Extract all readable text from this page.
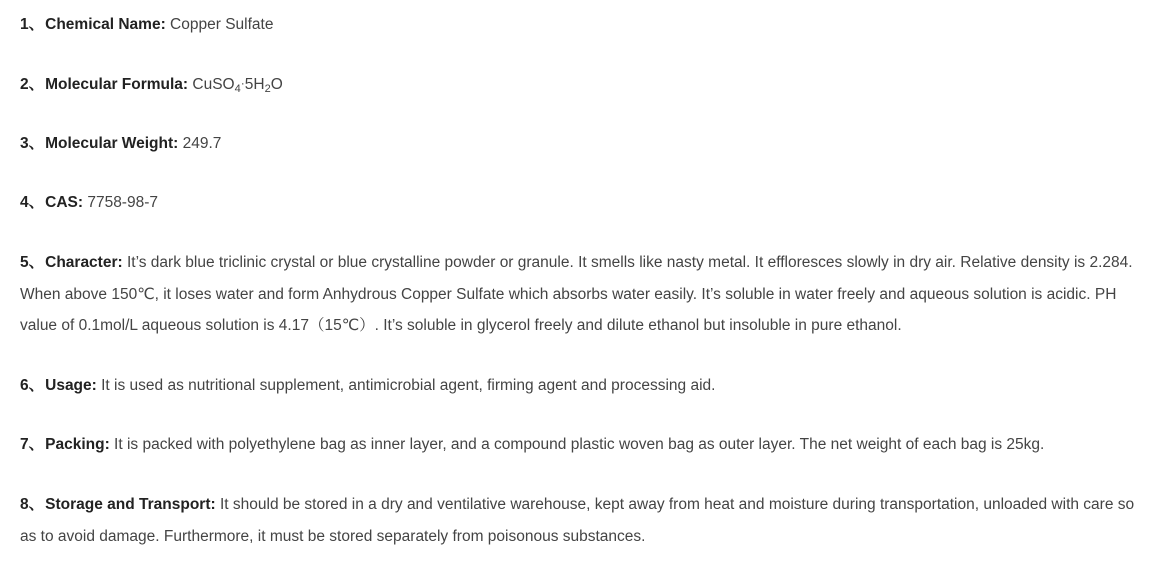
1、Chemical Name: Copper Sulfate

2、Molecular Formula: $CuSO_4\cdot 5H_2O$

3、Molecular Weight: 249.7

4、CAS: 7758-98-7

5、Character: It’s dark blue triclinic crystal or blue crystalline powder or granule. It smells like nasty metal. It effloresces slowly in dry air. Relative density is 2.284. When above 150℃, it loses water and form Anhydrous Copper Sulfate which absorbs water easily. It’s soluble in water freely and aqueous solution is acidic. PH value of 0.1mol/L aqueous solution is 4.17（15℃）. It’s soluble in glycerol freely and dilute ethanol but insoluble in pure ethanol.

6、Usage: It is used as nutritional supplement, antimicrobial agent, firming agent and processing aid.

7、Packing: It is packed with polyethylene bag as inner layer, and a compound plastic woven bag as outer layer. The net weight of each bag is 25kg.

8、Storage and Transport: It should be stored in a dry and ventilative warehouse, kept away from heat and moisture during transportation, unloaded with care so as to avoid damage. Furthermore, it must be stored separately from poisonous substances.
